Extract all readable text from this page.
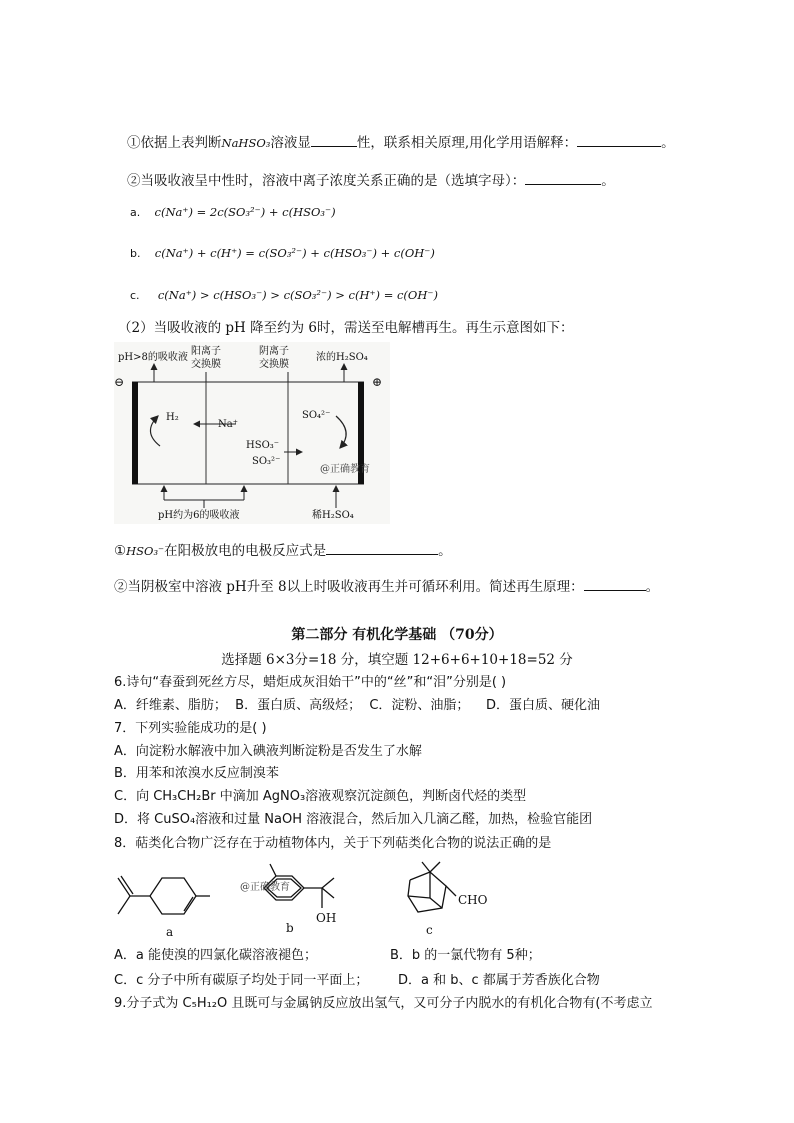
①依据上表判断NaHSO₃溶液显	性，联系相关原理,用化学用语解释：	。
②当吸收液呈中性时，溶液中离子浓度关系正确的是（选填字母）：	。
a. c(Na⁺) = 2c(SO₃²⁻) + c(HSO₃⁻)
b. c(Na⁺) + c(H⁺) = c(SO₃²⁻) + c(HSO₃⁻) + c(OH⁻)
c. c(Na⁺) > c(HSO₃⁻) > c(SO₃²⁻) > c(H⁺) = c(OH⁻)
（2）当吸收液的 pH 降至约为 6时，需送至电解槽再生。再生示意图如下：
pH>8的吸收液
阳离子
交换膜
阴离子
交换膜
浓的H₂SO₄
⊖	⊕
H₂
Na⁺
SO₄²⁻
HSO₃⁻
SO₃²⁻
@正确教育
pH约为6的吸收液	稀H₂SO₄
①HSO₃⁻在阳极放电的电极反应式是	。
②当阴极室中溶液 pH升至 8以上时吸收液再生并可循环利用。简述再生原理：	。
第二部分 有机化学基础 （70分）
选择题 6×3分=18 分，填空题 12+6+6+10+18=52 分
6.诗句“春蚕到死丝方尽，蜡炬成灰泪始干”中的“丝”和“泪”分别是( )
A．纤维素、脂肪；  B．蛋白质、高级烃；  C．淀粉、油脂；    D．蛋白质、硬化油
7．下列实验能成功的是( )
A．向淀粉水解液中加入碘液判断淀粉是否发生了水解
B．用苯和浓溴水反应制溴苯
C．向 CH₃CH₂Br 中滴加 AgNO₃溶液观察沉淀颜色，判断卤代烃的类型
D．将 CuSO₄溶液和过量 NaOH 溶液混合，然后加入几滴乙醛，加热，检验官能团
8．萜类化合物广泛存在于动植物体内，关于下列萜类化合物的说法正确的是
a
OH
@正确教育
b
CHO
c
A．a 能使溴的四氯化碳溶液褪色；	B．b 的一氯代物有 5种；
C．c 分子中所有碳原子均处于同一平面上； D．a 和 b、c 都属于芳香族化合物
9.分子式为 C₅H₁₂O 且既可与金属钠反应放出氢气，又可分子内脱水的有机化合物有(不考虑立
